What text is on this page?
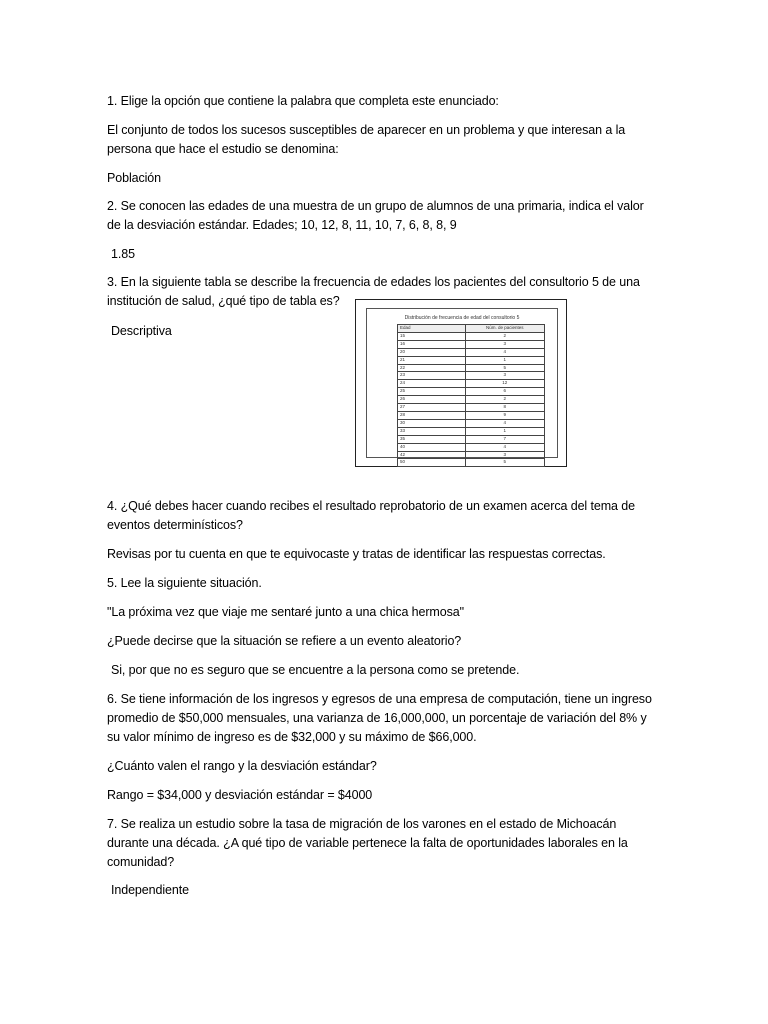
1. Elige la opción que contiene la palabra que completa este enunciado:
El conjunto de todos los sucesos susceptibles de aparecer en un problema y que interesan a la
persona que hace el estudio se denomina:
Población
2. Se conocen las edades de una muestra de un grupo de alumnos de una primaria, indica el valor
de la desviación estándar. Edades; 10, 12, 8, 11, 10, 7, 6, 8, 8, 9
1.85
3. En la siguiente tabla se describe la frecuencia de edades los pacientes del consultorio 5 de una
institución de salud, ¿qué tipo de tabla es?
Descriptiva
Distribución de frecuencia de edad del consultorio 5
Edad	Núm. de pacientes
15	2
16	3
20	4
21	1
22	5
23	3
24	12
25	6
26	2
27	8
28	9
30	4
33	1
35	7
40	4
42	3
50	5
4. ¿Qué debes hacer cuando recibes el resultado reprobatorio de un examen acerca del tema de
eventos determinísticos?
Revisas por tu cuenta en que te equivocaste y tratas de identificar las respuestas correctas.
5. Lee la siguiente situación.
"La próxima vez que viaje me sentaré junto a una chica hermosa"
¿Puede decirse que la situación se refiere a un evento aleatorio?
Si, por que no es seguro que se encuentre a la persona como se pretende.
6. Se tiene información de los ingresos y egresos de una empresa de computación, tiene un ingreso
promedio de $50,000 mensuales, una varianza de 16,000,000, un porcentaje de variación del 8% y
su valor mínimo de ingreso es de $32,000 y su máximo de $66,000.
¿Cuánto valen el rango y la desviación estándar?
Rango = $34,000 y desviación estándar = $4000
7. Se realiza un estudio sobre la tasa de migración de los varones en el estado de Michoacán
durante una década. ¿A qué tipo de variable pertenece la falta de oportunidades laborales en la
comunidad?
Independiente
